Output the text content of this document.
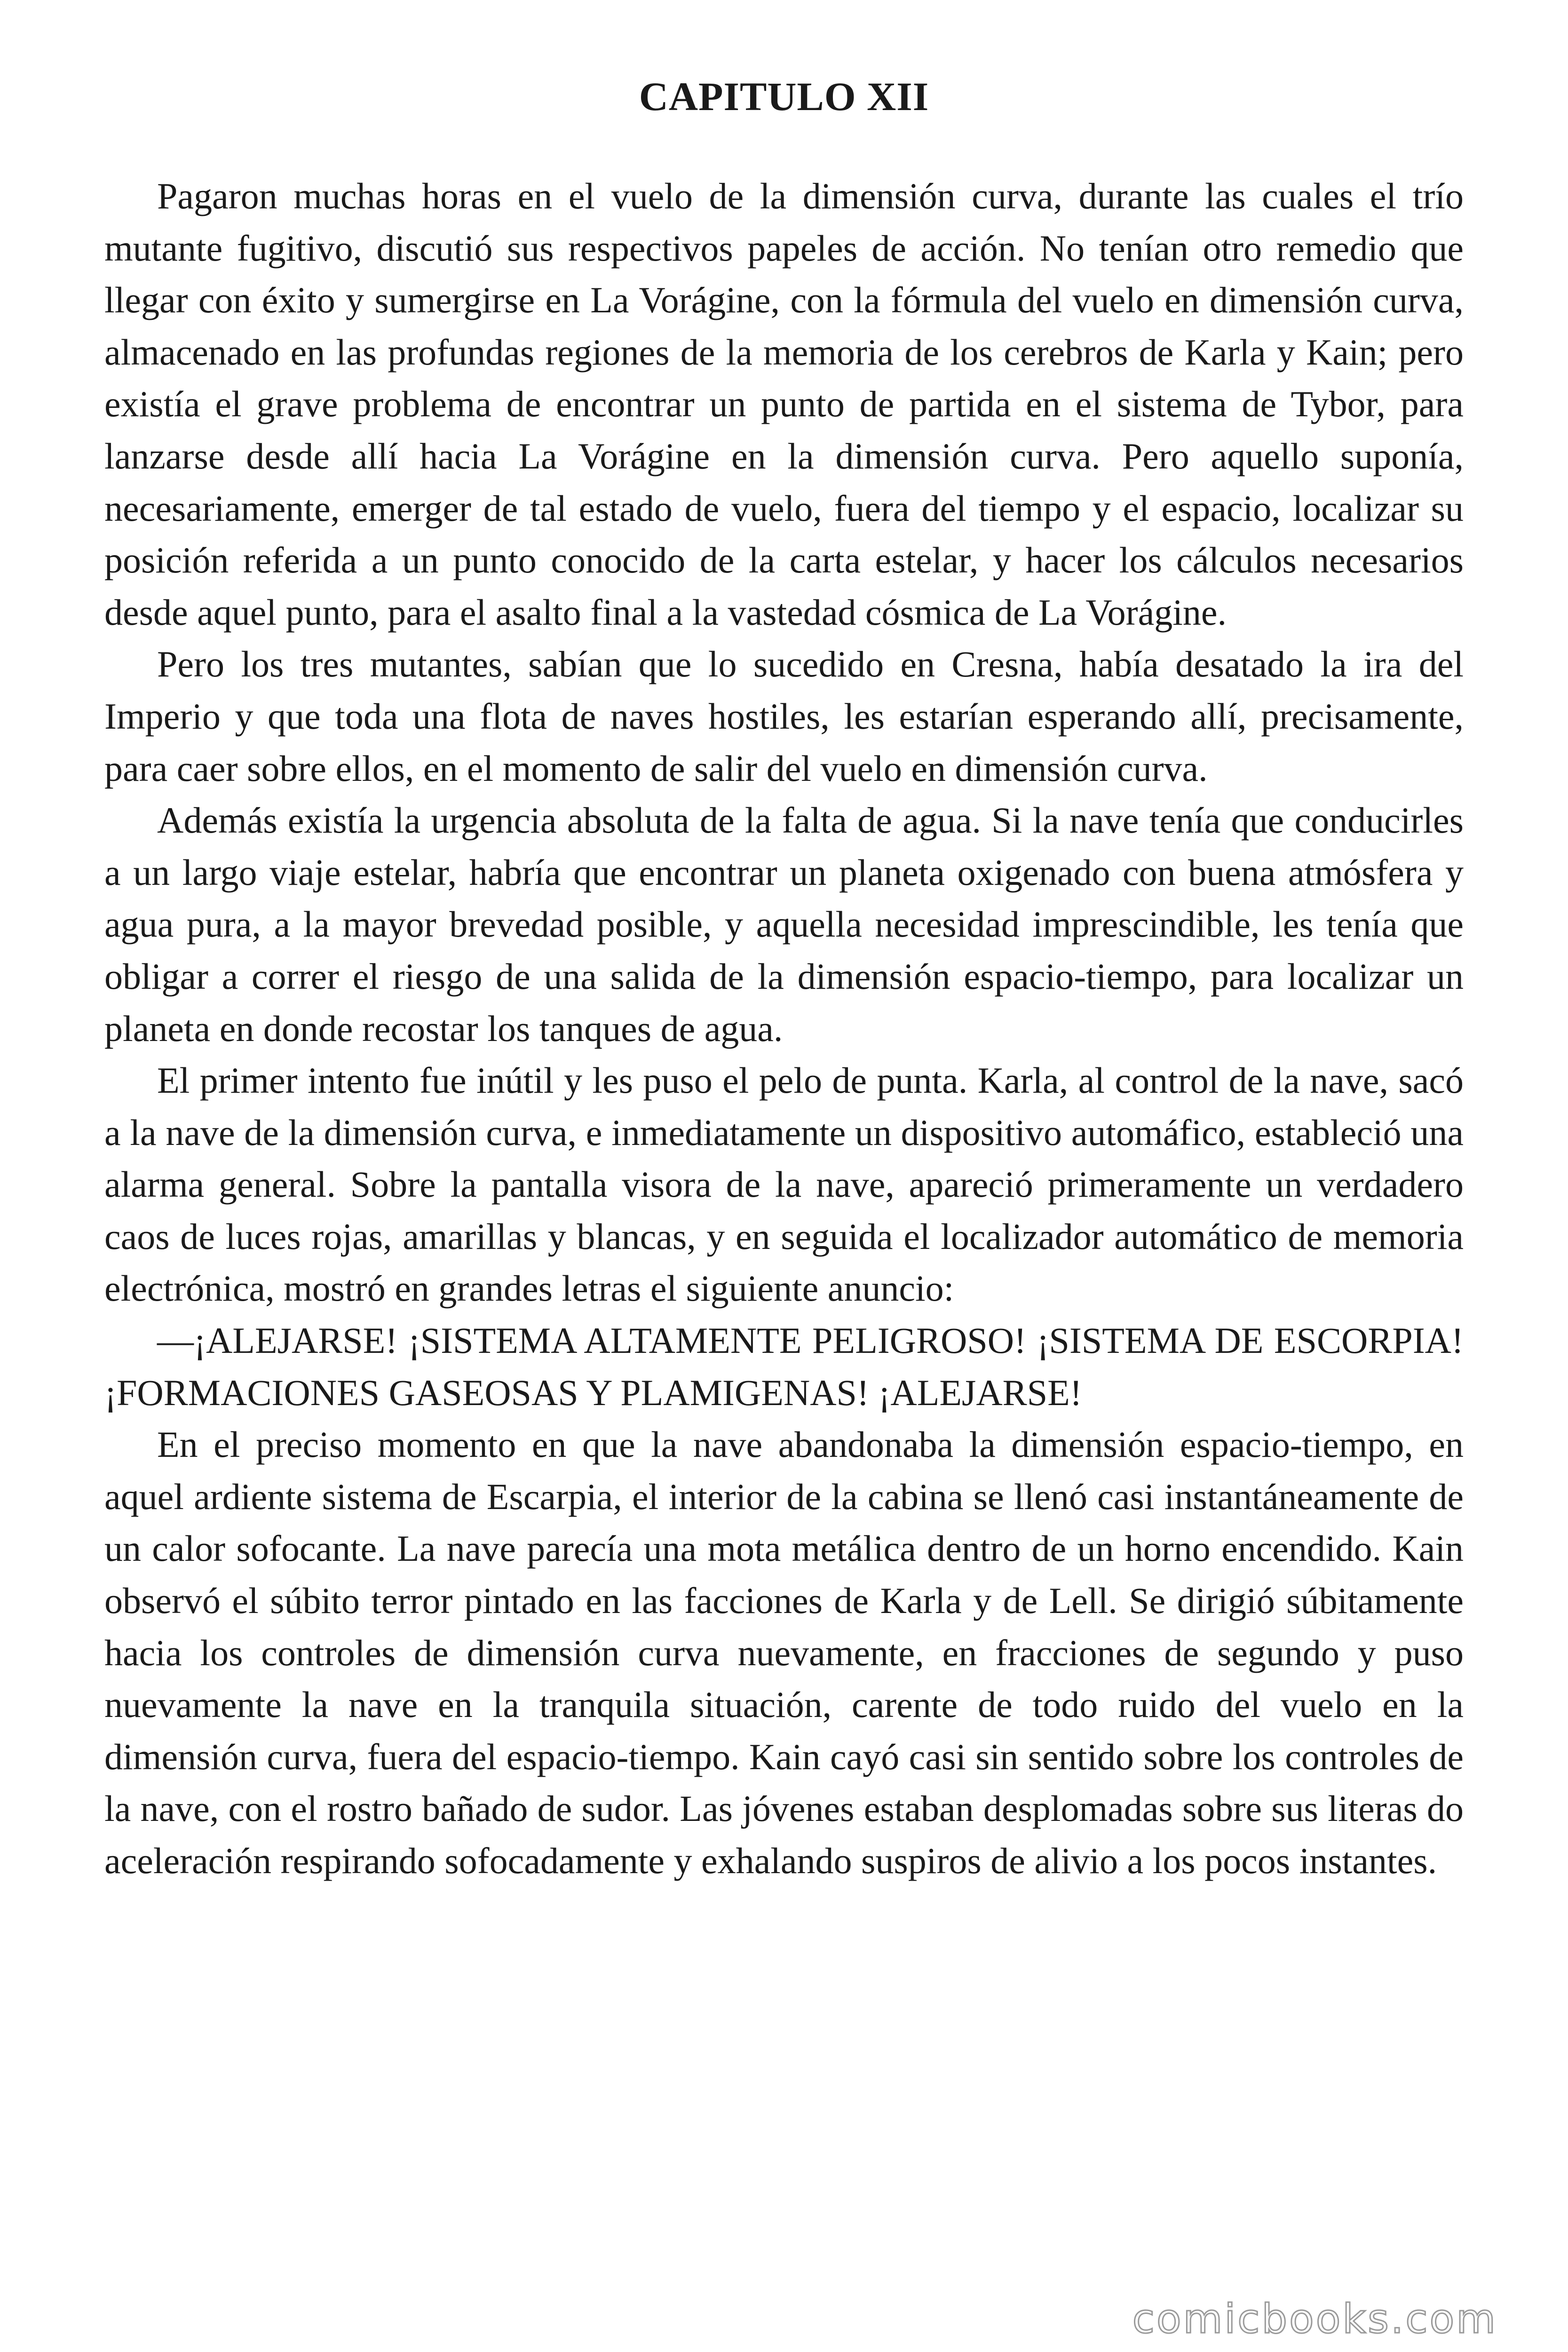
CAPITULO XII

Pagaron muchas horas en el vuelo de la dimensión curva, durante las cuales el trío mutante fugitivo, discutió sus respectivos papeles de acción. No tenían otro remedio que llegar con éxito y sumergirse en La Vorágine, con la fórmula del vuelo en dimensión curva, almacenado en las profundas regiones de la memoria de los cerebros de Karla y Kain; pero existía el grave problema de encontrar un punto de partida en el sistema de Tybor, para lanzarse desde allí hacia La Vorágine en la dimensión curva. Pero aquello suponía, necesariamente, emerger de tal estado de vuelo, fuera del tiempo y el espacio, localizar su posición referida a un punto conocido de la carta estelar, y hacer los cálculos necesarios desde aquel punto, para el asalto final a la vastedad cósmica de La Vorágine.

Pero los tres mutantes, sabían que lo sucedido en Cresna, había desatado la ira del Imperio y que toda una flota de naves hostiles, les estarían esperando allí, precisamente, para caer sobre ellos, en el momento de salir del vuelo en dimensión curva.

Además existía la urgencia absoluta de la falta de agua. Si la nave tenía que conducirles a un largo viaje estelar, habría que encontrar un planeta oxigenado con buena atmósfera y agua pura, a la mayor brevedad posible, y aquella necesidad imprescindible, les tenía que obligar a correr el riesgo de una salida de la dimensión espacio-tiempo, para localizar un planeta en donde recostar los tanques de agua.

El primer intento fue inútil y les puso el pelo de punta. Karla, al control de la nave, sacó a la nave de la dimensión curva, e inmediatamente un dispositivo automáfico, estableció una alarma general. Sobre la pantalla visora de la nave, apareció primeramente un verdadero caos de luces rojas, amarillas y blancas, y en seguida el localizador automático de memoria electrónica, mostró en grandes letras el siguiente anuncio:

—¡ALEJARSE! ¡SISTEMA ALTAMENTE PELIGROSO! ¡SISTEMA DE ESCORPIA! ¡FORMACIONES GASEOSAS Y PLAMIGENAS! ¡ALEJARSE!

En el preciso momento en que la nave abandonaba la dimensión espacio-tiempo, en aquel ardiente sistema de Escarpia, el interior de la cabina se llenó casi instantáneamente de un calor sofocante. La nave parecía una mota metálica dentro de un horno encendido. Kain observó el súbito terror pintado en las facciones de Karla y de Lell. Se dirigió súbitamente hacia los controles de dimensión curva nuevamente, en fracciones de segundo y puso nuevamente la nave en la tranquila situación, carente de todo ruido del vuelo en la dimensión curva, fuera del espacio-tiempo. Kain cayó casi sin sentido sobre los controles de la nave, con el rostro bañado de sudor. Las jóvenes estaban desplomadas sobre sus literas do aceleración respirando sofocadamente y exhalando suspiros de alivio a los pocos instantes.

comicbooks.com
